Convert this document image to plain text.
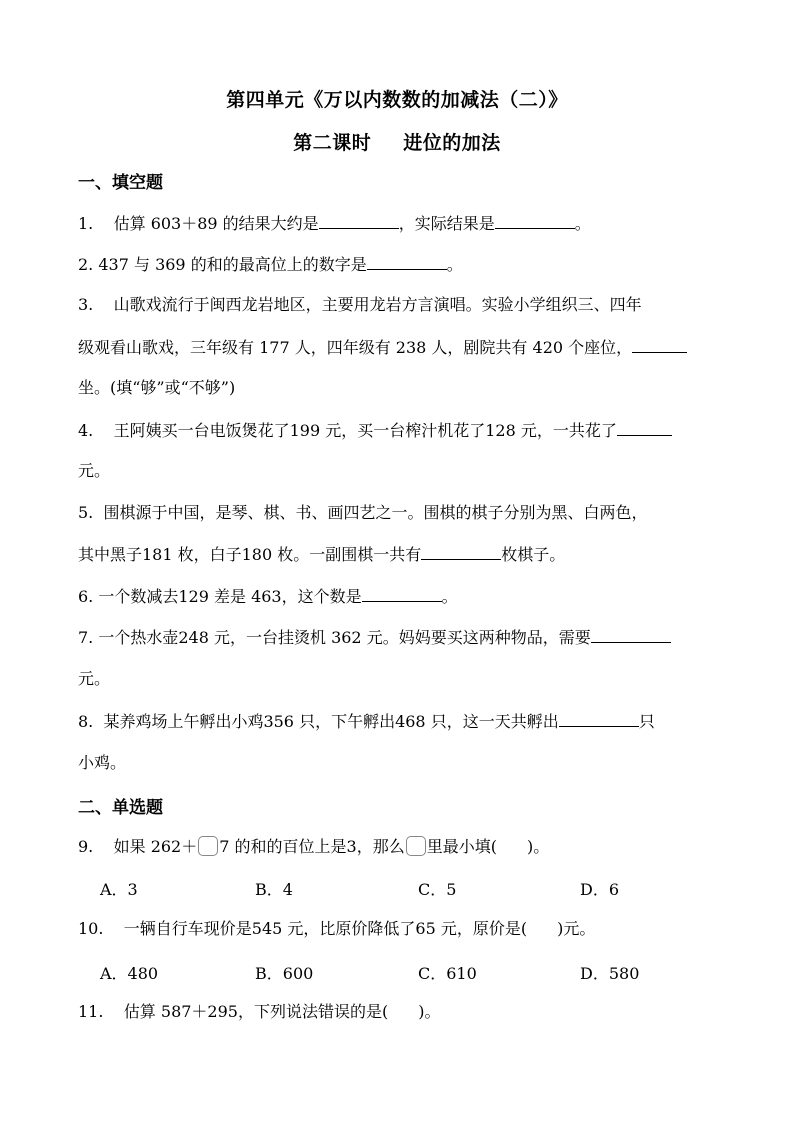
第四单元《万以内数数的加减法（二）》
第二课时 进位的加法
一、填空题
1. 估算 603＋89 的结果大约是	，实际结果是	。
2. 437 与 369 的和的最高位上的数字是	。
3. 山歌戏流行于闽西龙岩地区，主要用龙岩方言演唱。实验小学组织三、四年
级观看山歌戏，三年级有 177 人，四年级有 238 人，剧院共有 420 个座位，
坐。(填“够”或“不够”)
4. 王阿姨买一台电饭煲花了199 元，买一台榨汁机花了128 元，一共花了
元。
5. 围棋源于中国，是琴、棋、书、画四艺之一。围棋的棋子分别为黑、白两色，
其中黑子181 枚，白子180 枚。一副围棋一共有	枚棋子。
6. 一个数减去129 差是 463，这个数是	。
7. 一个热水壶248 元，一台挂烫机 362 元。妈妈要买这两种物品，需要
元。
8. 某养鸡场上午孵出小鸡356 只，下午孵出468 只，这一天共孵出	只
小鸡。
二、单选题
9. 如果 262＋ 7 的和的百位上是3，那么 里最小填( )。
A．3	B．4	C．5	D．6
10. 一辆自行车现价是545 元，比原价降低了65 元，原价是( )元。
A．480	B．600	C．610	D．580
11. 估算 587＋295，下列说法错误的是( )。
